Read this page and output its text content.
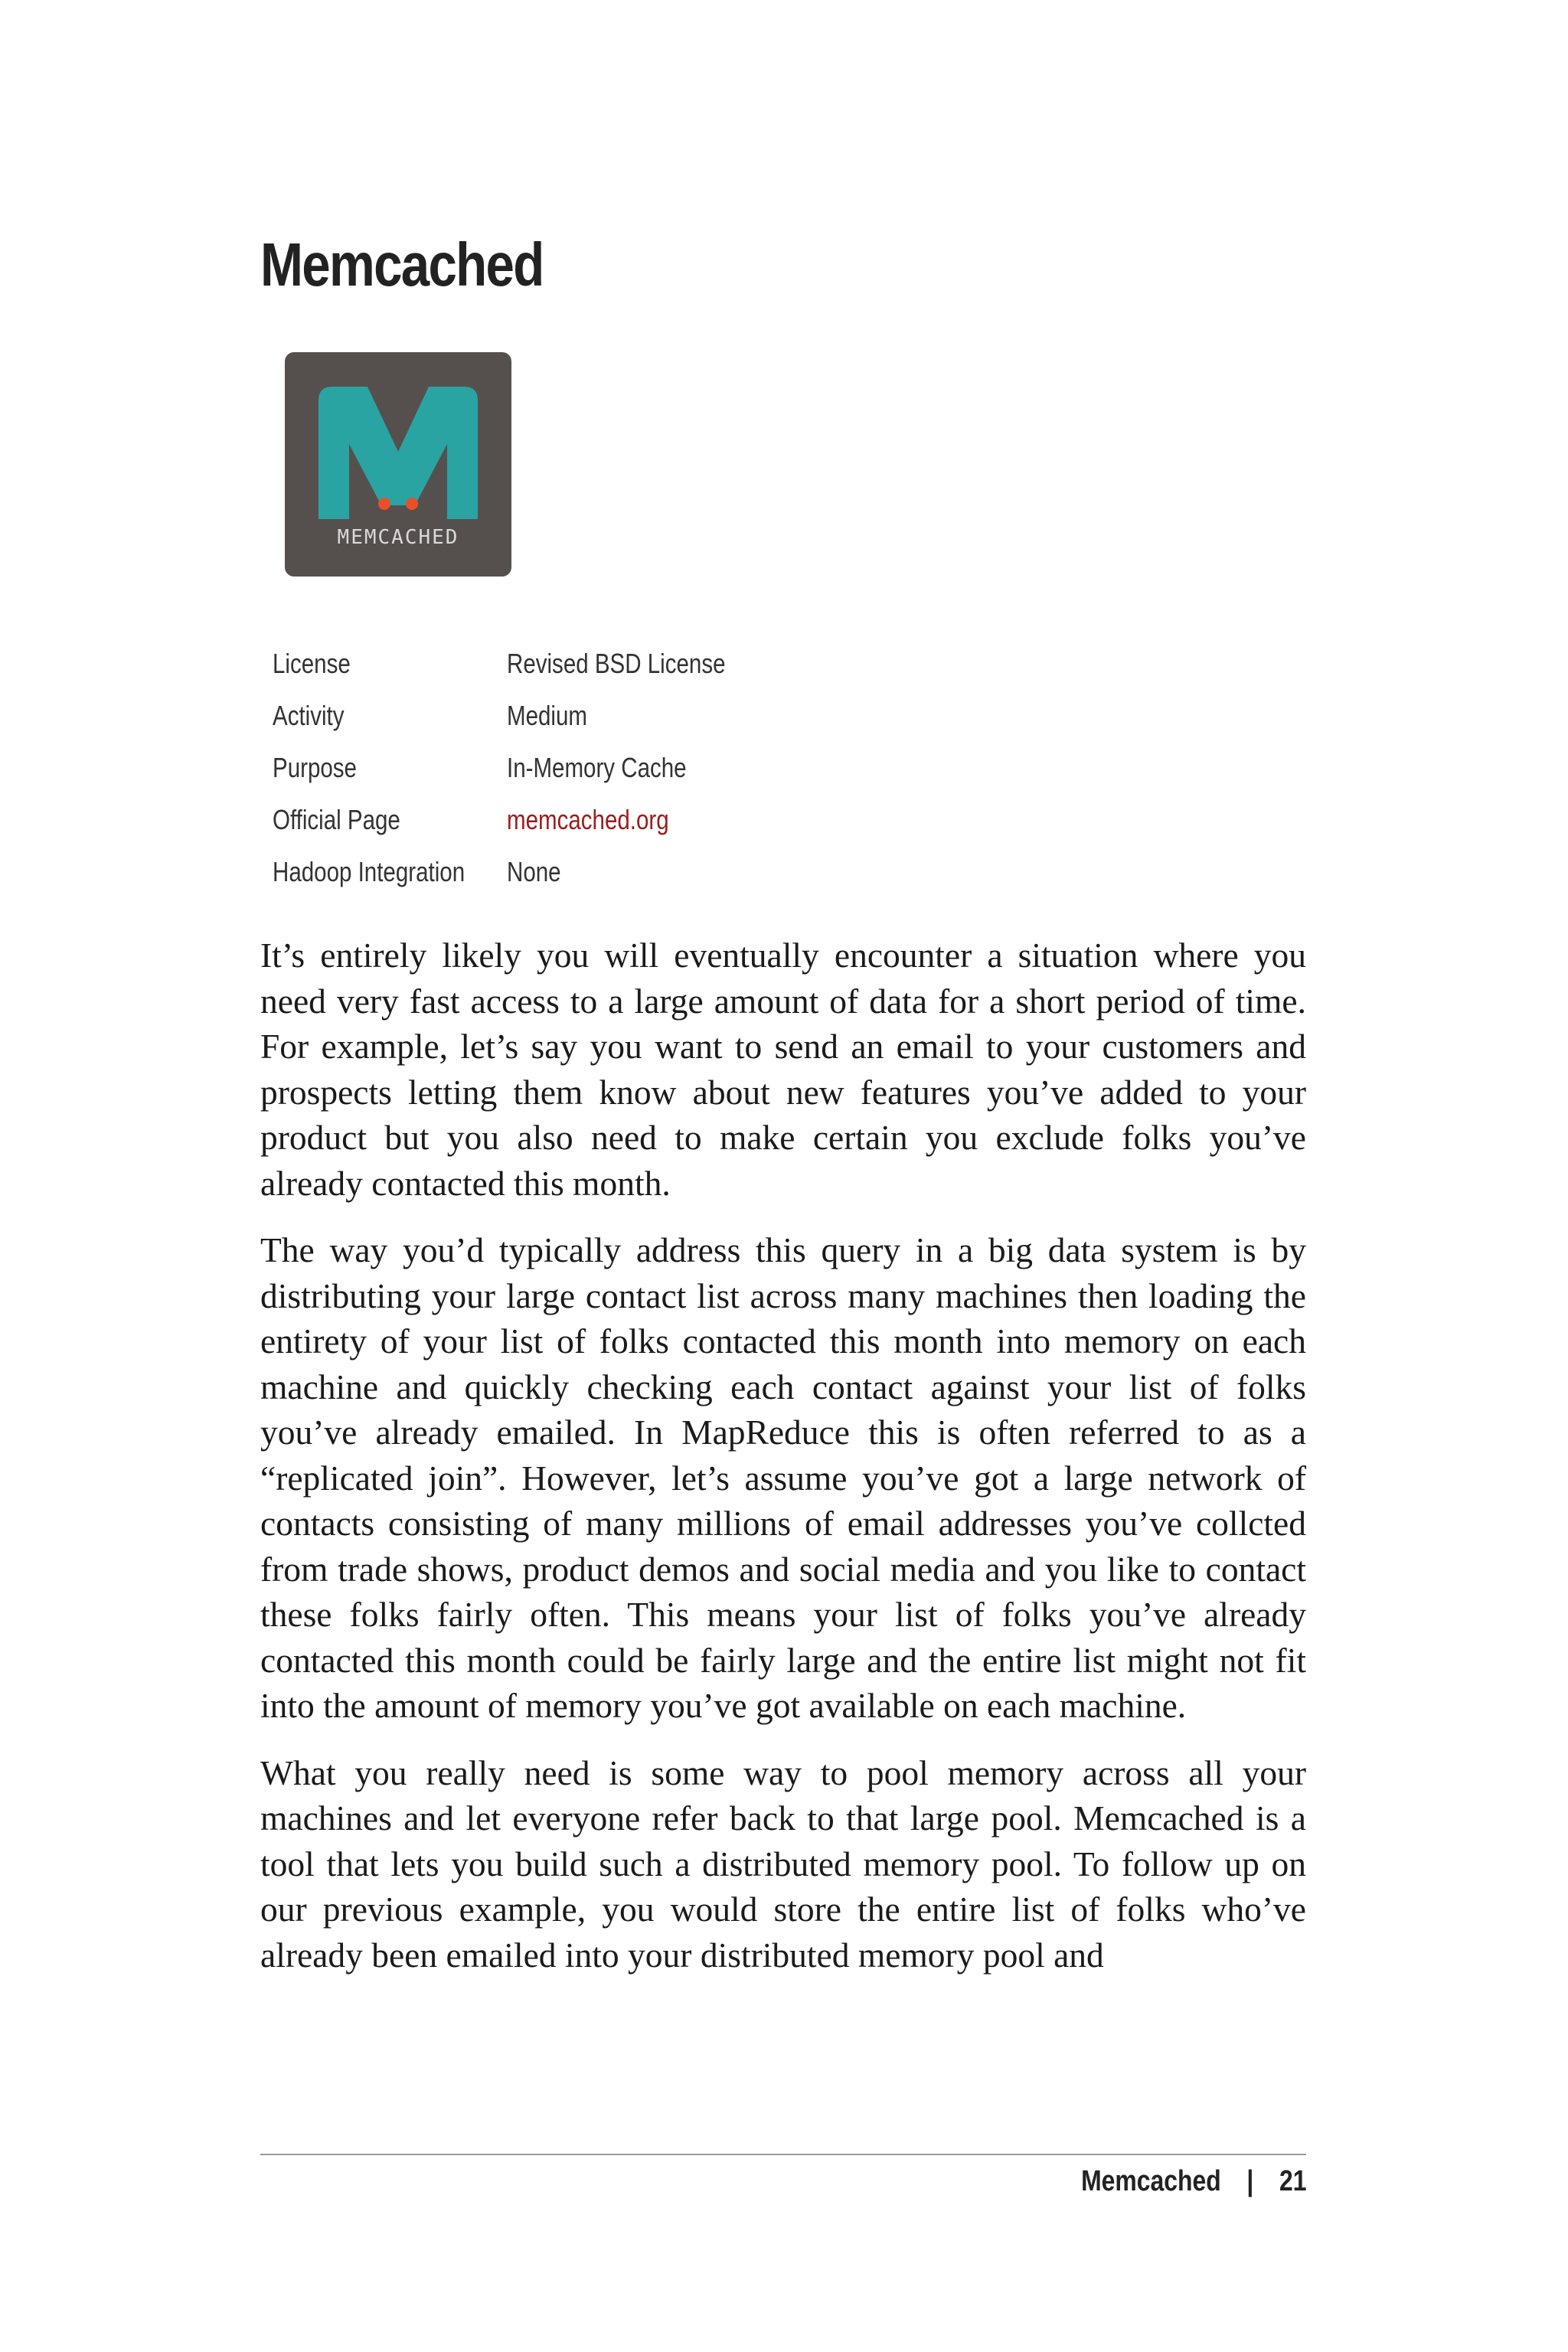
Memcached
MEMCACHED
License	Revised BSD License
Activity	Medium
Purpose	In-Memory Cache
Official Page	memcached.org
Hadoop Integration	None

It’s entirely likely you will eventually encounter a situation where you need very fast access to a large amount of data for a short period of time. For example, let’s say you want to send an email to your customers and prospects letting them know about new features you’ve added to your product but you also need to make certain you exclude folks you’ve already contacted this month.

The way you’d typically address this query in a big data system is by distributing your large contact list across many machines then loading the entirety of your list of folks contacted this month into memory on each machine and quickly checking each contact against your list of folks you’ve already emailed. In MapReduce this is often referred to as a “replicated join”. However, let’s assume you’ve got a large network of contacts consisting of many millions of email addresses you’ve collcted from trade shows, product demos and social media and you like to contact these folks fairly often. This means your list of folks you’ve already contacted this month could be fairly large and the entire list might not fit into the amount of memory you’ve got available on each machine.

What you really need is some way to pool memory across all your machines and let everyone refer back to that large pool. Memcached is a tool that lets you build such a distributed memory pool. To follow up on our previous example, you would store the entire list of folks who’ve already been emailed into your distributed memory pool and

Memcached | 21
